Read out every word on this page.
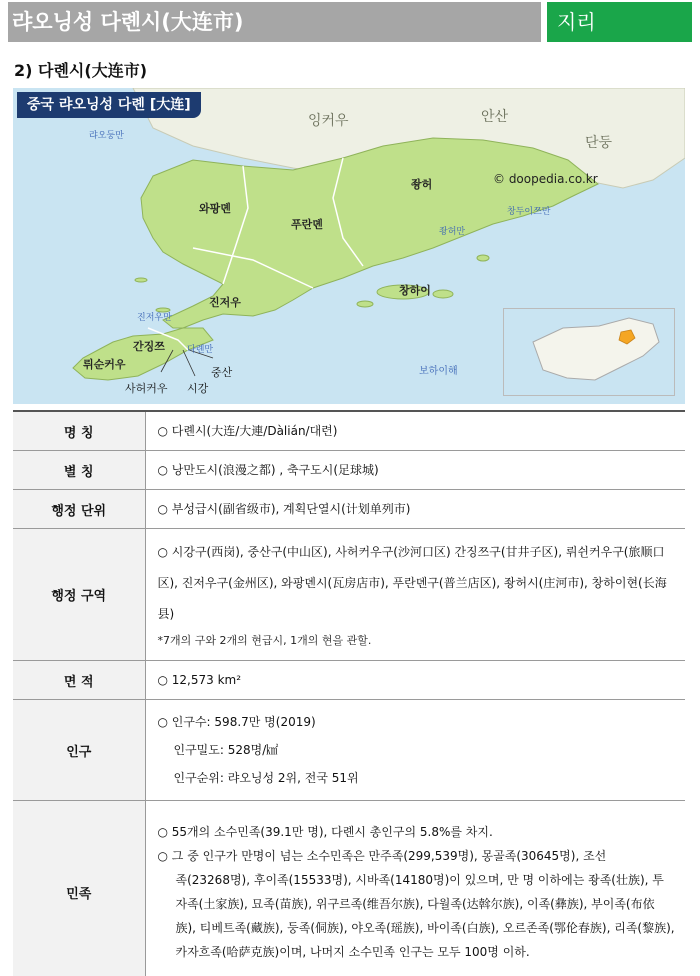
랴오닝성 다롄시(大连市)	지리
2) 다롄시(大连市)
중국 랴오닝성 다롄 [大连]
잉커우	안산
단둥
랴오둥만
© doopedia.co.kr
와팡뎬
푸란뎬
좡허
창두이쯔만
좡허만
창하이
진저우
진저우만
간징쯔 다롄만
뤼순커우
중산
사허커우 시강
보하이해
명 칭	○ 다롄시(大连/大連/Dàlián/대련)
별 칭	○ 낭만도시(浪漫之都) , 축구도시(足球城)
행정 단위	○ 부성급시(副省级市), 계획단열시(计划单列市)
행정 구역	○ 시강구(西岗), 중산구(中山区), 사허커우구(沙河口区) 간징쯔구(甘井子区), 뤼쉰커우구(旅顺口区), 진저우구(金州区), 와팡뎬시(瓦房店市), 푸란뎬구(普兰店区), 좡허시(庄河市), 창하이현(长海县)
*7개의 구와 2개의 현급시, 1개의 현을 관할.

면 적	○ 12,573 km²
인구	○ 인구수: 598.7만 명(2019)
인구밀도: 528명/㎢
인구순위: 랴오닝성 2위, 전국 51위

민족	○ 55개의 소수민족(39.1만 명), 다롄시 총인구의 5.8%를 차지.

○ 그 중 인구가 만명이 넘는 소수민족은 만주족(299,539명), 몽골족(30645명), 조선

족(23268명), 후이족(15533명), 시바족(14180명)이 있으며, 만 명 이하에는 좡족(壮族), 투자족(土家族), 묘족(苗族), 위구르족(维吾尔族), 다월족(达斡尔族), 이족(彝族), 부이족(布依族), 티베트족(藏族), 둥족(侗族), 야오족(瑶族), 바이족(白族), 오르존족(鄂伦春族), 리족(黎族), 카자흐족(哈萨克族)이며, 나머지 소수민족 인구는 모두 100명 이하.
